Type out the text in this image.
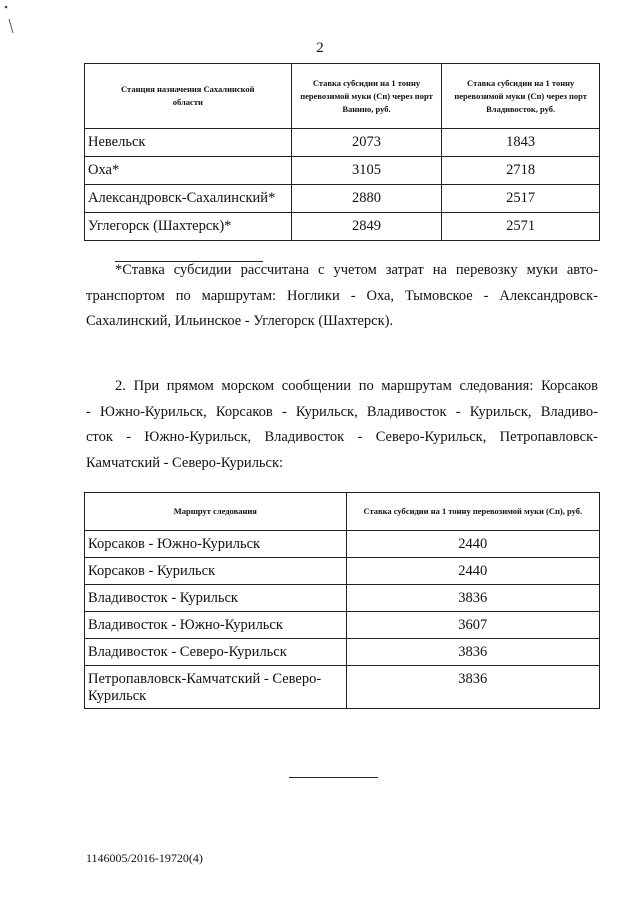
2
Станция назначения Сахалинской области	Ставка субсидии на 1 тонну перевозимой муки (Сп) через порт Ванино, руб.	Ставка субсидии на 1 тонну перевозимой муки (Сп) через порт Владивосток, руб.
Невельск	2073	1843
Оха*	3105	2718
Александровск-Сахалинский*	2880	2517
Углегорск (Шахтерск)*	2849	2571
*Ставка субсидии рассчитана с учетом затрат на перевозку муки авто-
транспортом по маршрутам: Ноглики - Оха, Тымовское - Александровск-
Сахалинский, Ильинское - Углегорск (Шахтерск).
2. При прямом морском сообщении по маршрутам следования: Корсаков
- Южно-Курильск, Корсаков - Курильск, Владивосток - Курильск, Владиво-
сток - Южно-Курильск, Владивосток - Северо-Курильск, Петропавловск-
Камчатский - Северо-Курильск:
Маршрут следования	Ставка субсидии на 1 тонну перевозимой муки (Сп), руб.
Корсаков - Южно-Курильск	2440
Корсаков - Курильск	2440
Владивосток - Курильск	3836
Владивосток - Южно-Курильск	3607
Владивосток - Северо-Курильск	3836
Петропавловск-Камчатский - Северо-Курильск	3836
1146005/2016-19720(4)
